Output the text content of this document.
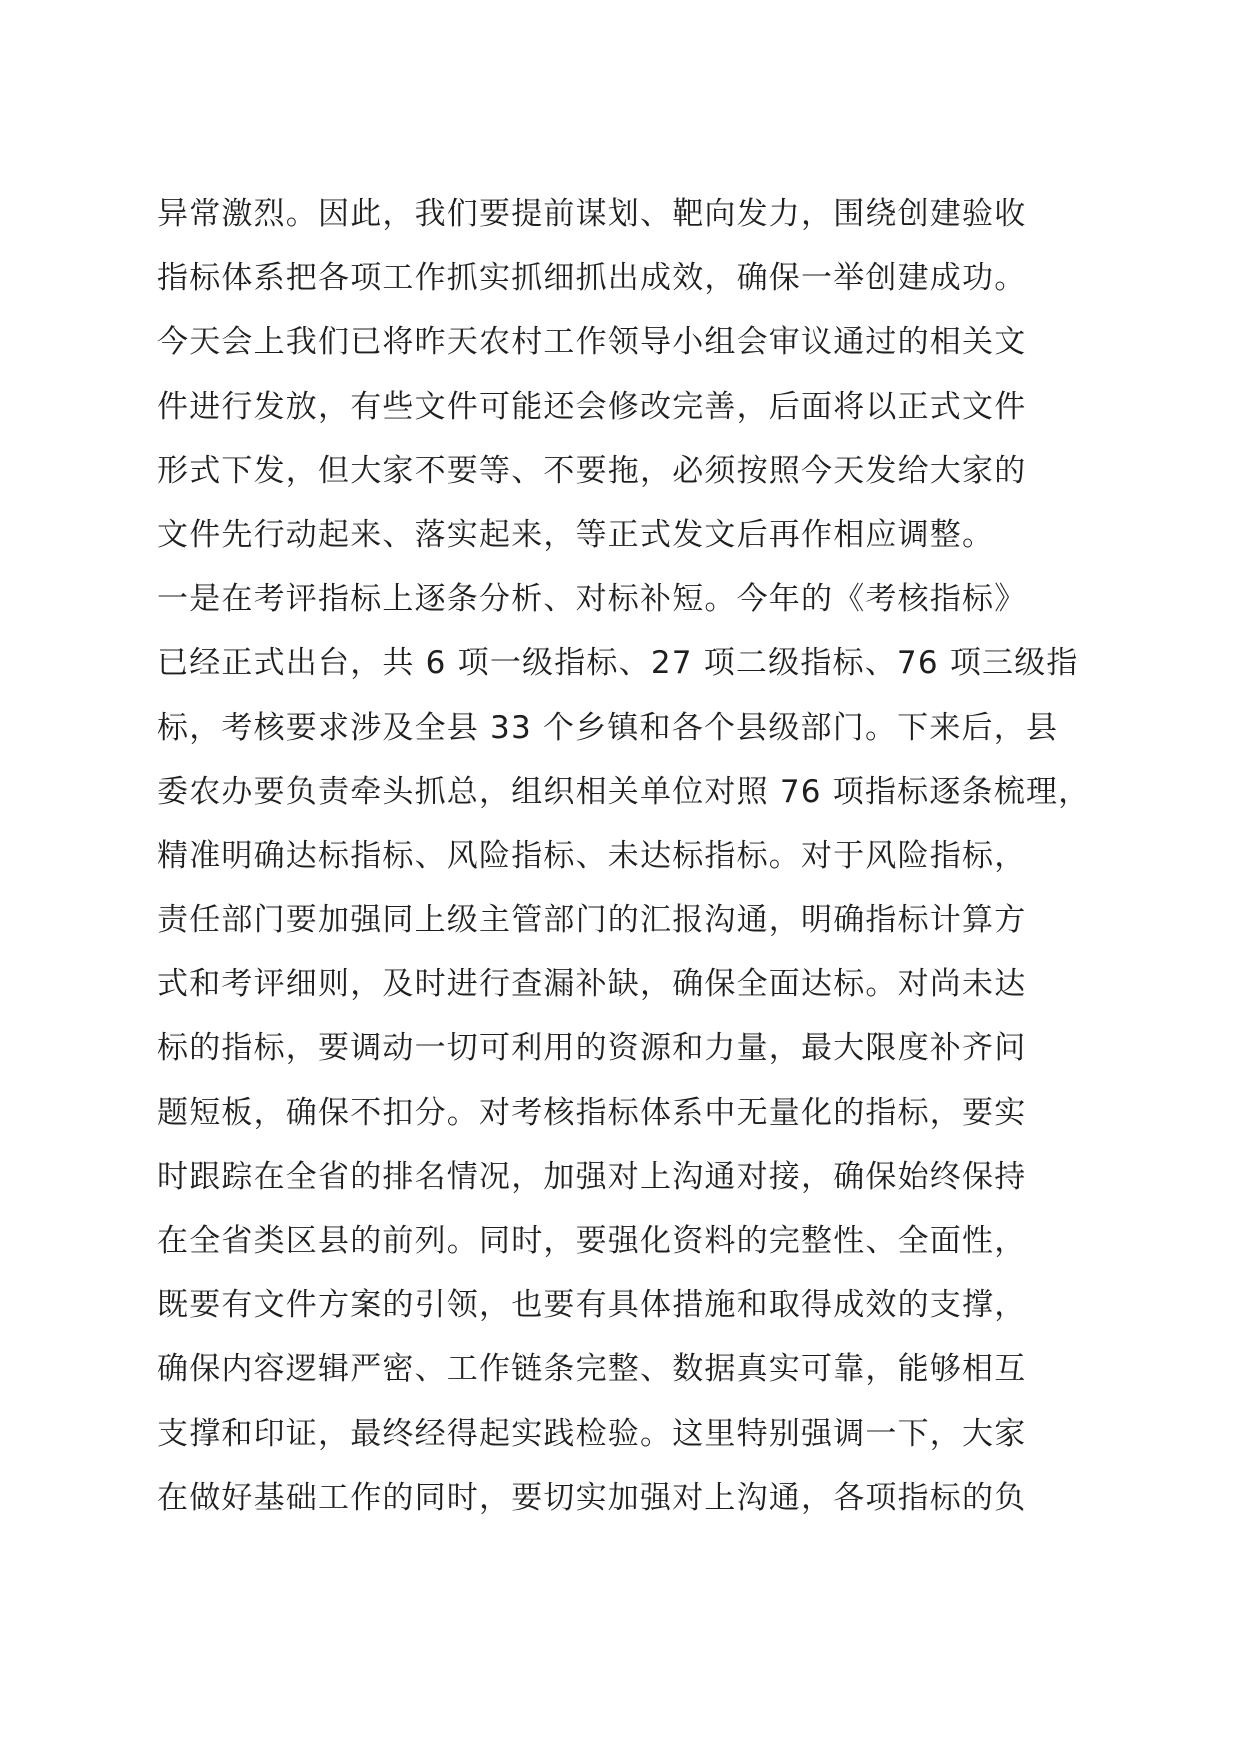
异常激烈。因此，我们要提前谋划、靶向发力，围绕创建验收
指标体系把各项工作抓实抓细抓出成效，确保一举创建成功。
今天会上我们已将昨天农村工作领导小组会审议通过的相关文
件进行发放，有些文件可能还会修改完善，后面将以正式文件
形式下发，但大家不要等、不要拖，必须按照今天发给大家的
文件先行动起来、落实起来，等正式发文后再作相应调整。
一是在考评指标上逐条分析、对标补短。今年的《考核指标》
已经正式出台，共 6 项一级指标、27 项二级指标、76 项三级指
标，考核要求涉及全县 33 个乡镇和各个县级部门。下来后，县
委农办要负责牵头抓总，组织相关单位对照 76 项指标逐条梳理，
精准明确达标指标、风险指标、未达标指标。对于风险指标，
责任部门要加强同上级主管部门的汇报沟通，明确指标计算方
式和考评细则，及时进行查漏补缺，确保全面达标。对尚未达
标的指标，要调动一切可利用的资源和力量，最大限度补齐问
题短板，确保不扣分。对考核指标体系中无量化的指标，要实
时跟踪在全省的排名情况，加强对上沟通对接，确保始终保持
在全省类区县的前列。同时，要强化资料的完整性、全面性，
既要有文件方案的引领，也要有具体措施和取得成效的支撑，
确保内容逻辑严密、工作链条完整、数据真实可靠，能够相互
支撑和印证，最终经得起实践检验。这里特别强调一下，大家
在做好基础工作的同时，要切实加强对上沟通，各项指标的负
